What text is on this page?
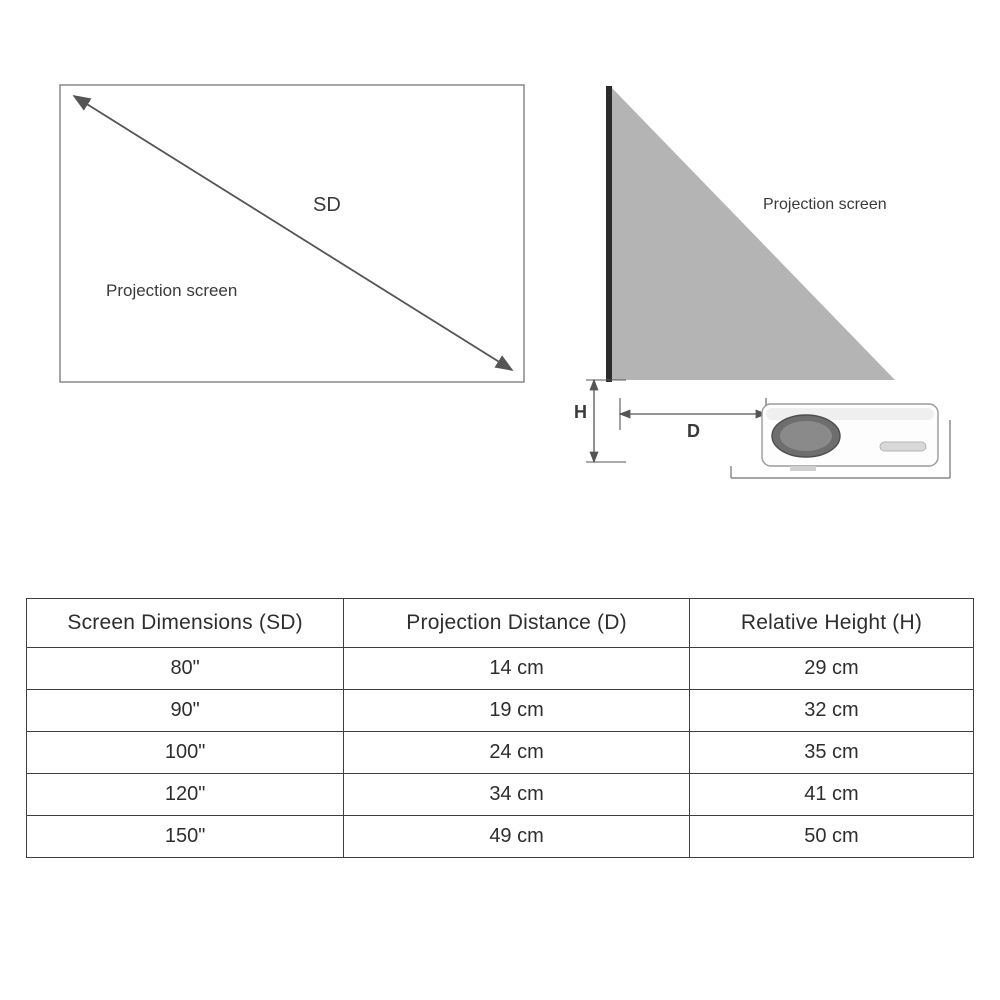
Projection screen
SD	Projection screen
H
D
Screen Dimensions (SD)	Projection Distance (D)	Relative Height (H)
80"	14 cm	29 cm
90"	19 cm	32 cm
100"	24 cm	35 cm
120"	34 cm	41 cm
150"	49 cm	50 cm
